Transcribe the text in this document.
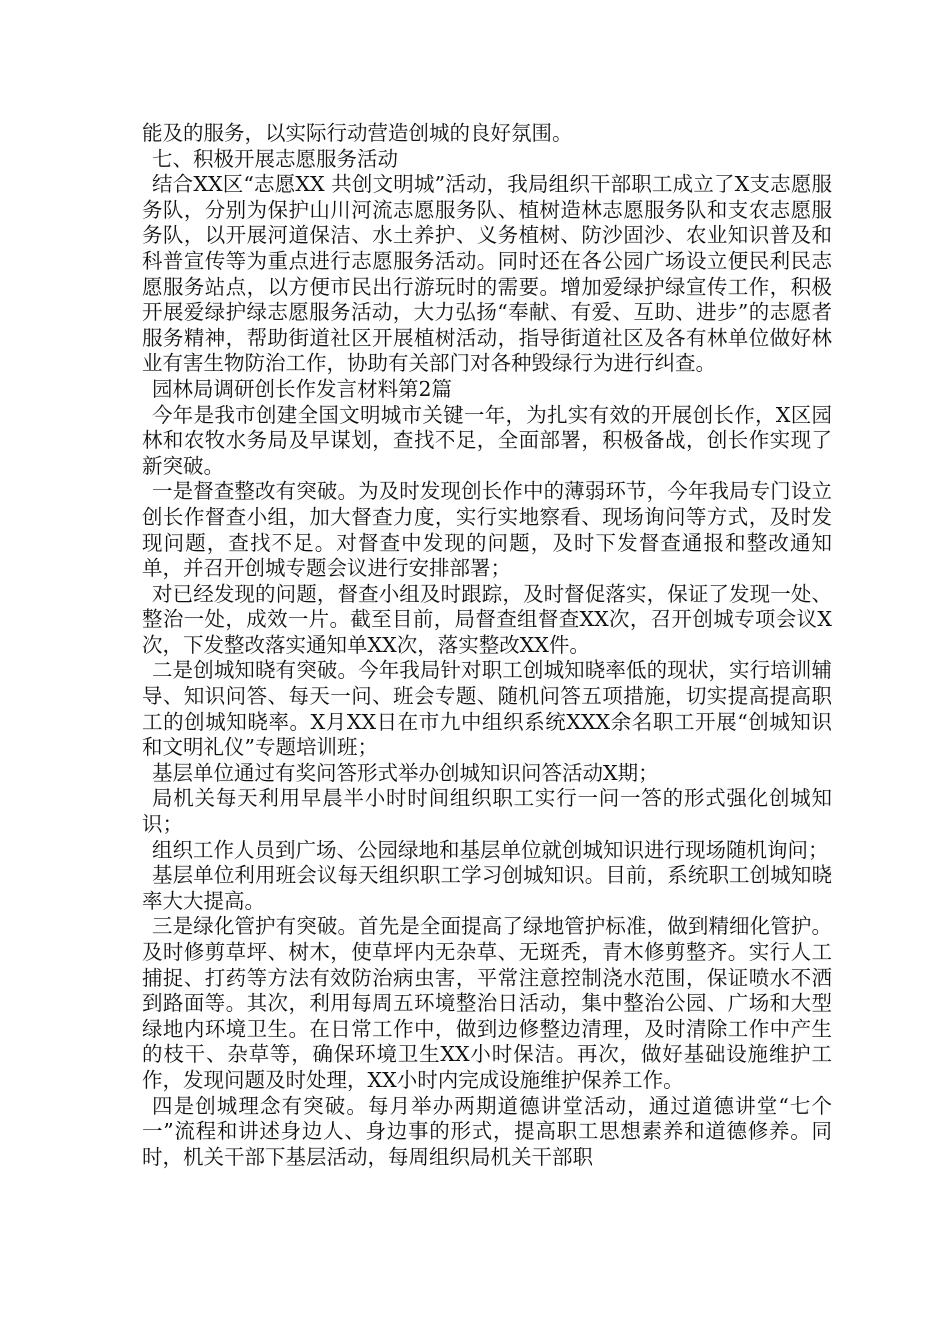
能及的服务，以实际行动营造创城的良好氛围。

七、积极开展志愿服务活动

结合XX区“志愿XX 共创文明城”活动，我局组织干部职工成立了X支志愿服务队，分别为保护山川河流志愿服务队、植树造林志愿服务队和支农志愿服务队，以开展河道保洁、水土养护、义务植树、防沙固沙、农业知识普及和科普宣传等为重点进行志愿服务活动。同时还在各公园广场设立便民利民志愿服务站点，以方便市民出行游玩时的需要。增加爱绿护绿宣传工作，积极开展爱绿护绿志愿服务活动，大力弘扬“奉献、有爱、互助、进步”的志愿者服务精神，帮助街道社区开展植树活动，指导街道社区及各有林单位做好林业有害生物防治工作，协助有关部门对各种毁绿行为进行纠查。

园林局调研创长作发言材料第2篇

今年是我市创建全国文明城市关键一年，为扎实有效的开展创长作，X区园林和农牧水务局及早谋划，查找不足，全面部署，积极备战，创长作实现了新突破。

一是督查整改有突破。为及时发现创长作中的薄弱环节，今年我局专门设立创长作督查小组，加大督查力度，实行实地察看、现场询问等方式，及时发现问题，查找不足。对督查中发现的问题，及时下发督查通报和整改通知单，并召开创城专题会议进行安排部署；

对已经发现的问题，督查小组及时跟踪，及时督促落实，保证了发现一处、整治一处，成效一片。截至目前，局督查组督查XX次，召开创城专项会议X次，下发整改落实通知单XX次，落实整改XX件。

二是创城知晓有突破。今年我局针对职工创城知晓率低的现状，实行培训辅导、知识问答、每天一问、班会专题、随机问答五项措施，切实提高提高职工的创城知晓率。X月XX日在市九中组织系统XXX余名职工开展“创城知识和文明礼仪”专题培训班；

基层单位通过有奖问答形式举办创城知识问答活动X期；

局机关每天利用早晨半小时时间组织职工实行一问一答的形式强化创城知识；

组织工作人员到广场、公园绿地和基层单位就创城知识进行现场随机询问；

基层单位利用班会议每天组织职工学习创城知识。目前，系统职工创城知晓率大大提高。

三是绿化管护有突破。首先是全面提高了绿地管护标准，做到精细化管护。及时修剪草坪、树木，使草坪内无杂草、无斑秃，青木修剪整齐。实行人工捕捉、打药等方法有效防治病虫害，平常注意控制浇水范围，保证喷水不洒到路面等。其次，利用每周五环境整治日活动，集中整治公园、广场和大型绿地内环境卫生。在日常工作中，做到边修整边清理，及时清除工作中产生的枝干、杂草等，确保环境卫生XX小时保洁。再次，做好基础设施维护工作，发现问题及时处理，XX小时内完成设施维护保养工作。

四是创城理念有突破。每月举办两期道德讲堂活动，通过道德讲堂“七个一”流程和讲述身边人、身边事的形式，提高职工思想素养和道德修养。同时，机关干部下基层活动，每周组织局机关干部职
